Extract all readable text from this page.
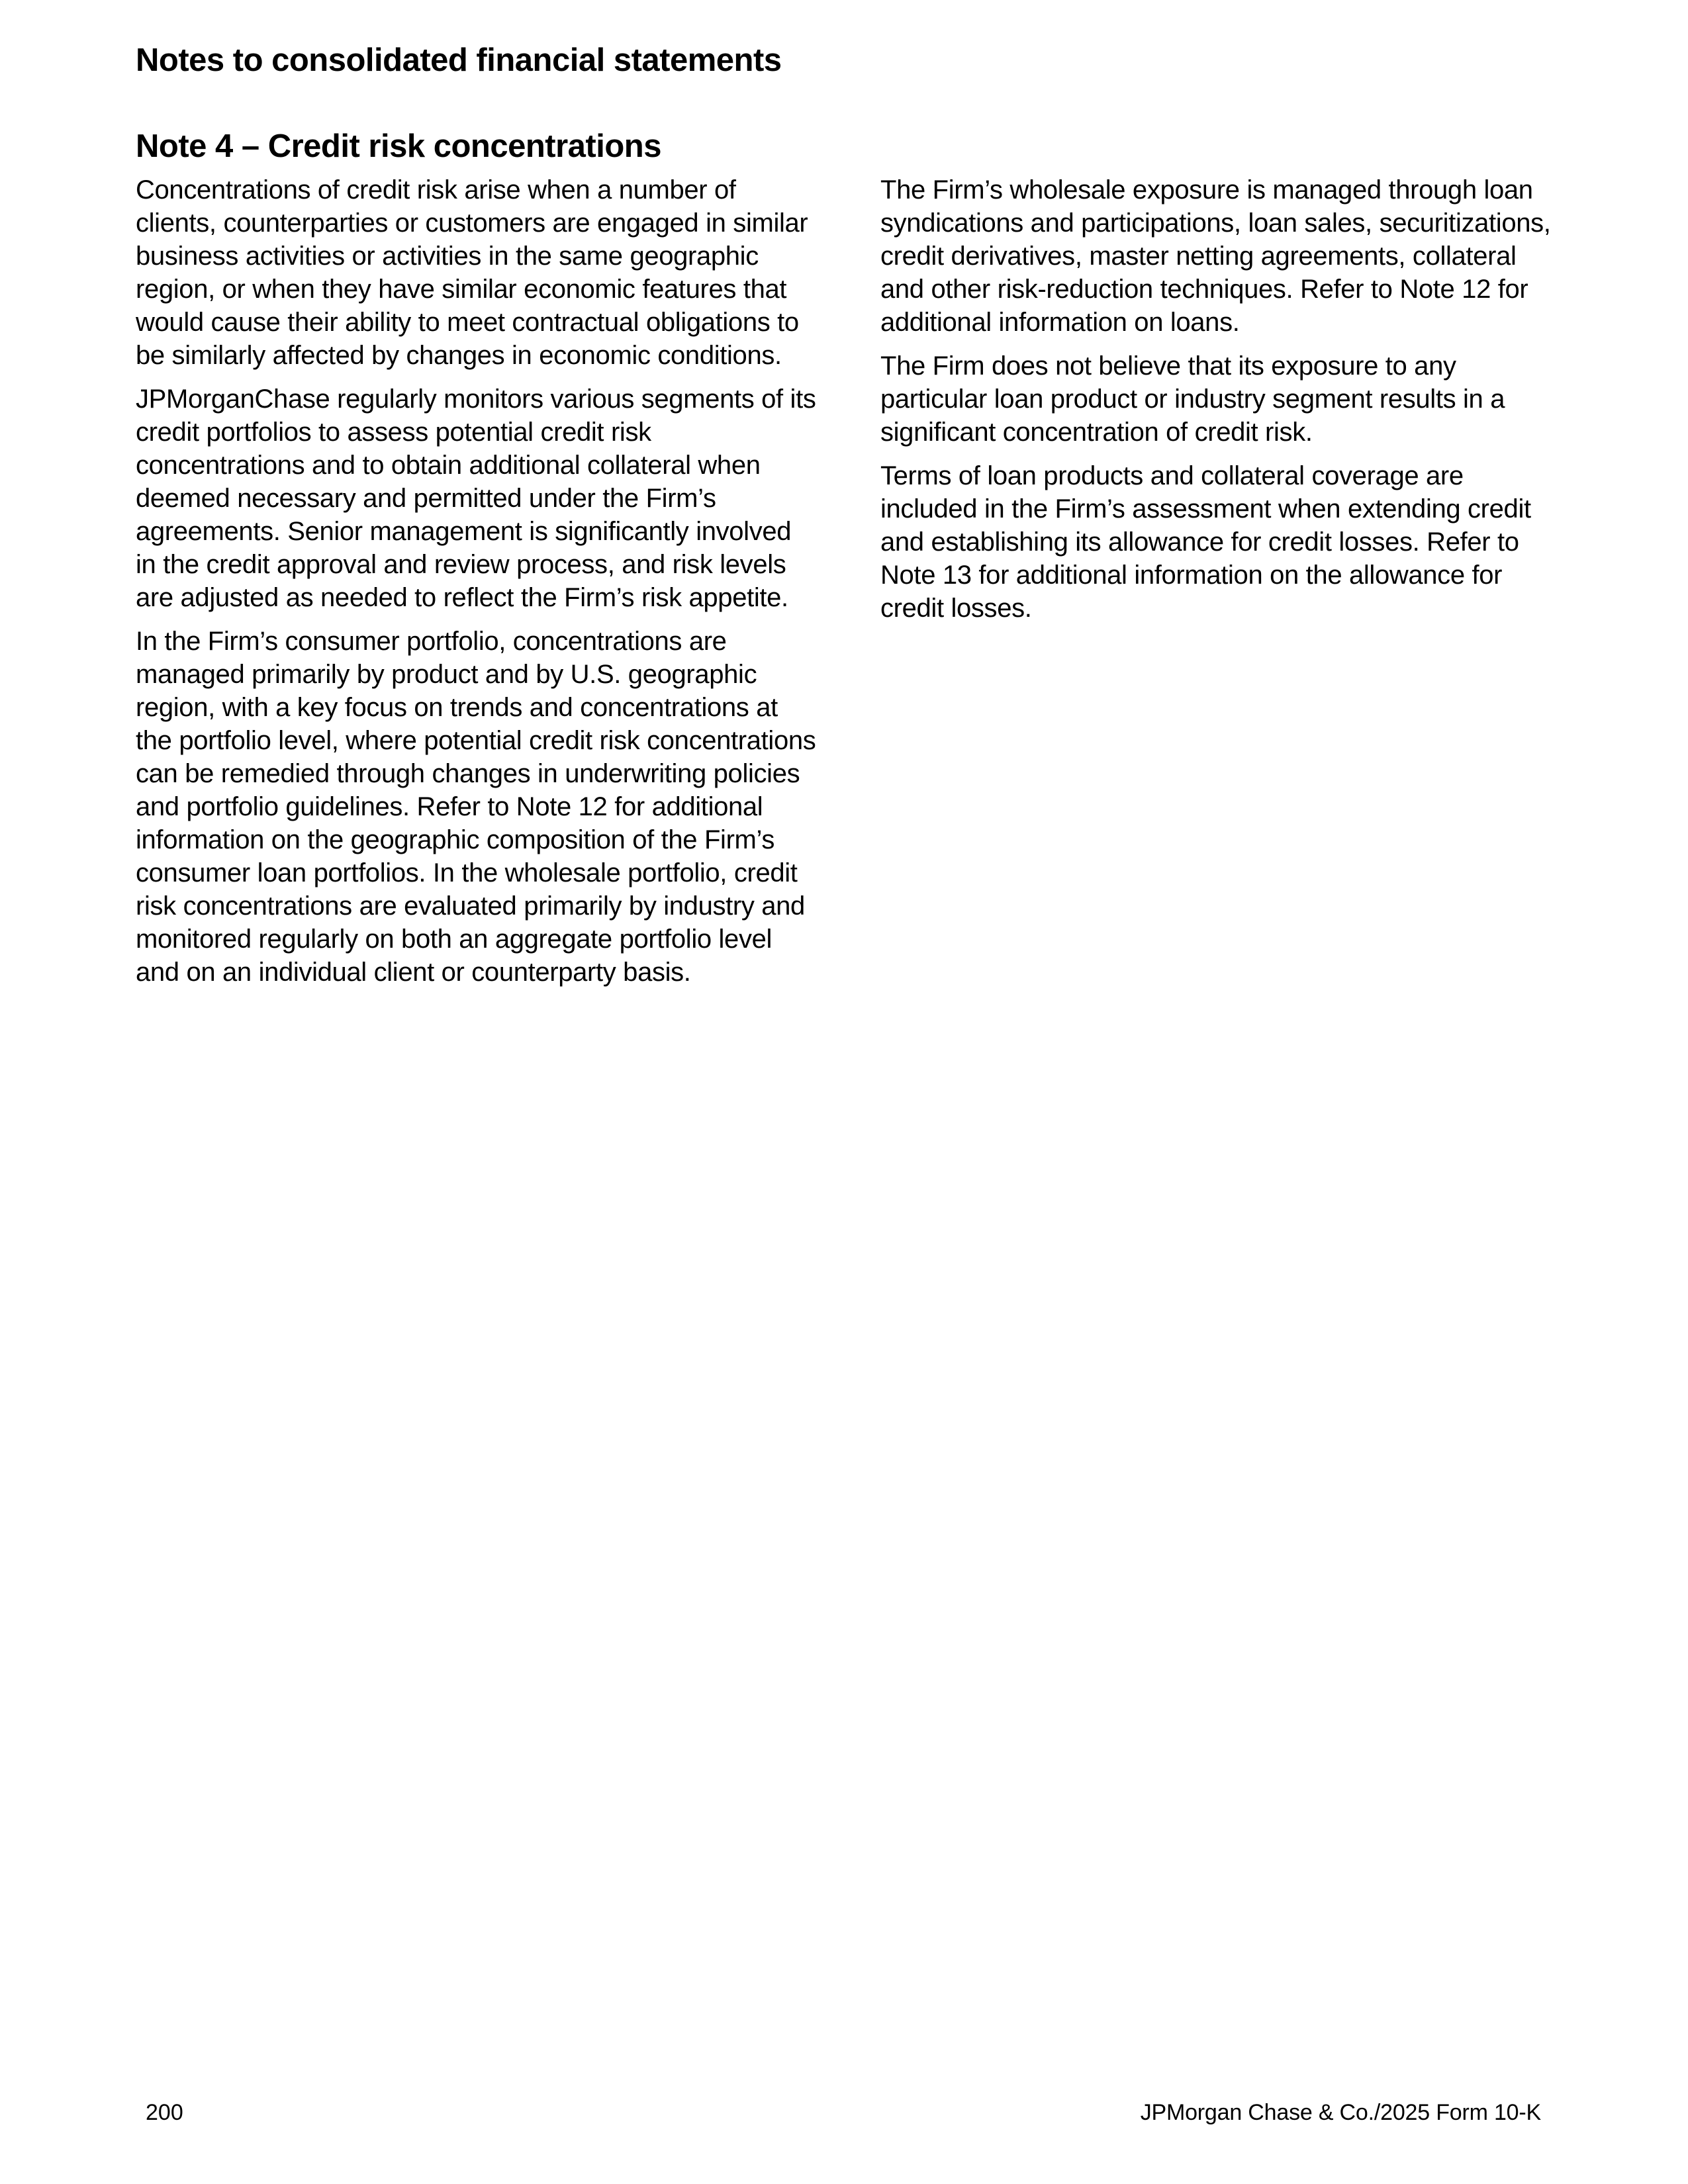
Notes to consolidated financial statements
Note 4 – Credit risk concentrations

Concentrations of credit risk arise when a number of clients, counterparties or customers are engaged in similar business activities or activities in the same geographic region, or when they have similar economic features that would cause their ability to meet contractual obligations to be similarly affected by changes in economic conditions.

JPMorganChase regularly monitors various segments of its credit portfolios to assess potential credit risk concentrations and to obtain additional collateral when deemed necessary and permitted under the Firm’s agreements. Senior management is significantly involved in the credit approval and review process, and risk levels are adjusted as needed to reflect the Firm’s risk appetite.

In the Firm’s consumer portfolio, concentrations are managed primarily by product and by U.S. geographic region, with a key focus on trends and concentrations at the portfolio level, where potential credit risk concentrations can be remedied through changes in underwriting policies and portfolio guidelines. Refer to Note 12 for additional information on the geographic composition of the Firm’s consumer loan portfolios. In the wholesale portfolio, credit risk concentrations are evaluated primarily by industry and monitored regularly on both an aggregate portfolio level and on an individual client or counterparty basis.

The Firm’s wholesale exposure is managed through loan syndications and participations, loan sales, securitizations, credit derivatives, master netting agreements, collateral and other risk-reduction techniques. Refer to Note 12 for additional information on loans.

The Firm does not believe that its exposure to any particular loan product or industry segment results in a significant concentration of credit risk.

Terms of loan products and collateral coverage are included in the Firm’s assessment when extending credit and establishing its allowance for credit losses. Refer to Note 13 for additional information on the allowance for credit losses.

200	JPMorgan Chase & Co./2025 Form 10-K
